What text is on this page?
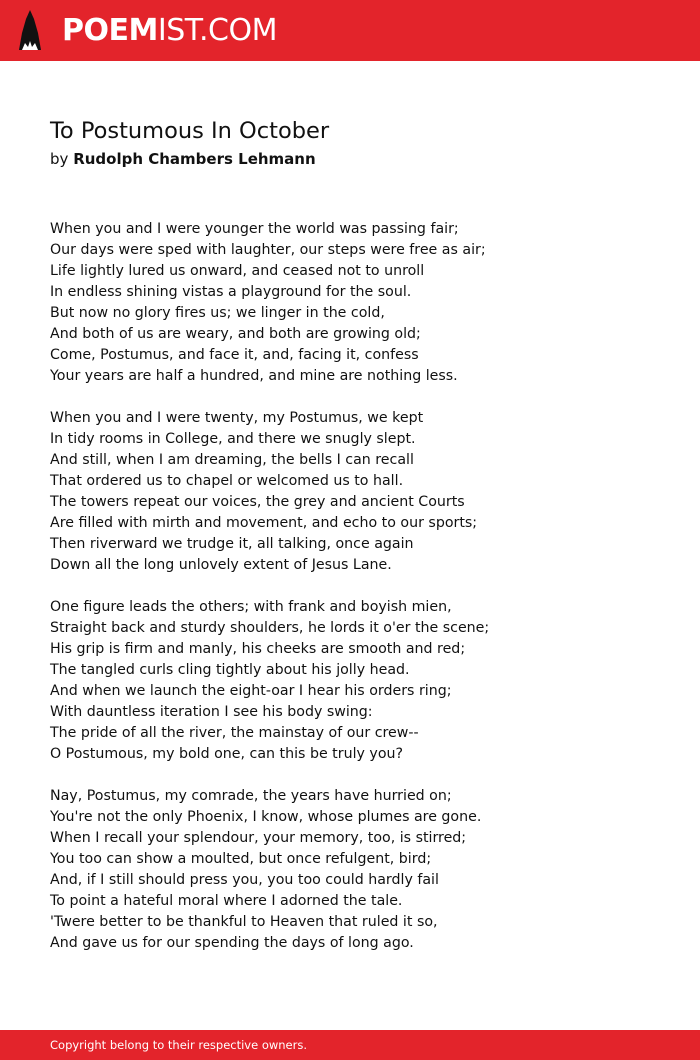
POEMIST.COM
To Postumous In October
by Rudolph Chambers Lehmann
When you and I were younger the world was passing fair;
Our days were sped with laughter, our steps were free as air;
Life lightly lured us onward, and ceased not to unroll
In endless shining vistas a playground for the soul.
But now no glory fires us; we linger in the cold,
And both of us are weary, and both are growing old;
Come, Postumus, and face it, and, facing it, confess
Your years are half a hundred, and mine are nothing less.
When you and I were twenty, my Postumus, we kept
In tidy rooms in College, and there we snugly slept.
And still, when I am dreaming, the bells I can recall
That ordered us to chapel or welcomed us to hall.
The towers repeat our voices, the grey and ancient Courts
Are filled with mirth and movement, and echo to our sports;
Then riverward we trudge it, all talking, once again
Down all the long unlovely extent of Jesus Lane.
One figure leads the others; with frank and boyish mien,
Straight back and sturdy shoulders, he lords it o'er the scene;
His grip is firm and manly, his cheeks are smooth and red;
The tangled curls cling tightly about his jolly head.
And when we launch the eight-oar I hear his orders ring;
With dauntless iteration I see his body swing:
The pride of all the river, the mainstay of our crew--
O Postumous, my bold one, can this be truly you?
Nay, Postumus, my comrade, the years have hurried on;
You're not the only Phoenix, I know, whose plumes are gone.
When I recall your splendour, your memory, too, is stirred;
You too can show a moulted, but once refulgent, bird;
And, if I still should press you, you too could hardly fail
To point a hateful moral where I adorned the tale.
'Twere better to be thankful to Heaven that ruled it so,
And gave us for our spending the days of long ago.
Copyright belong to their respective owners.
